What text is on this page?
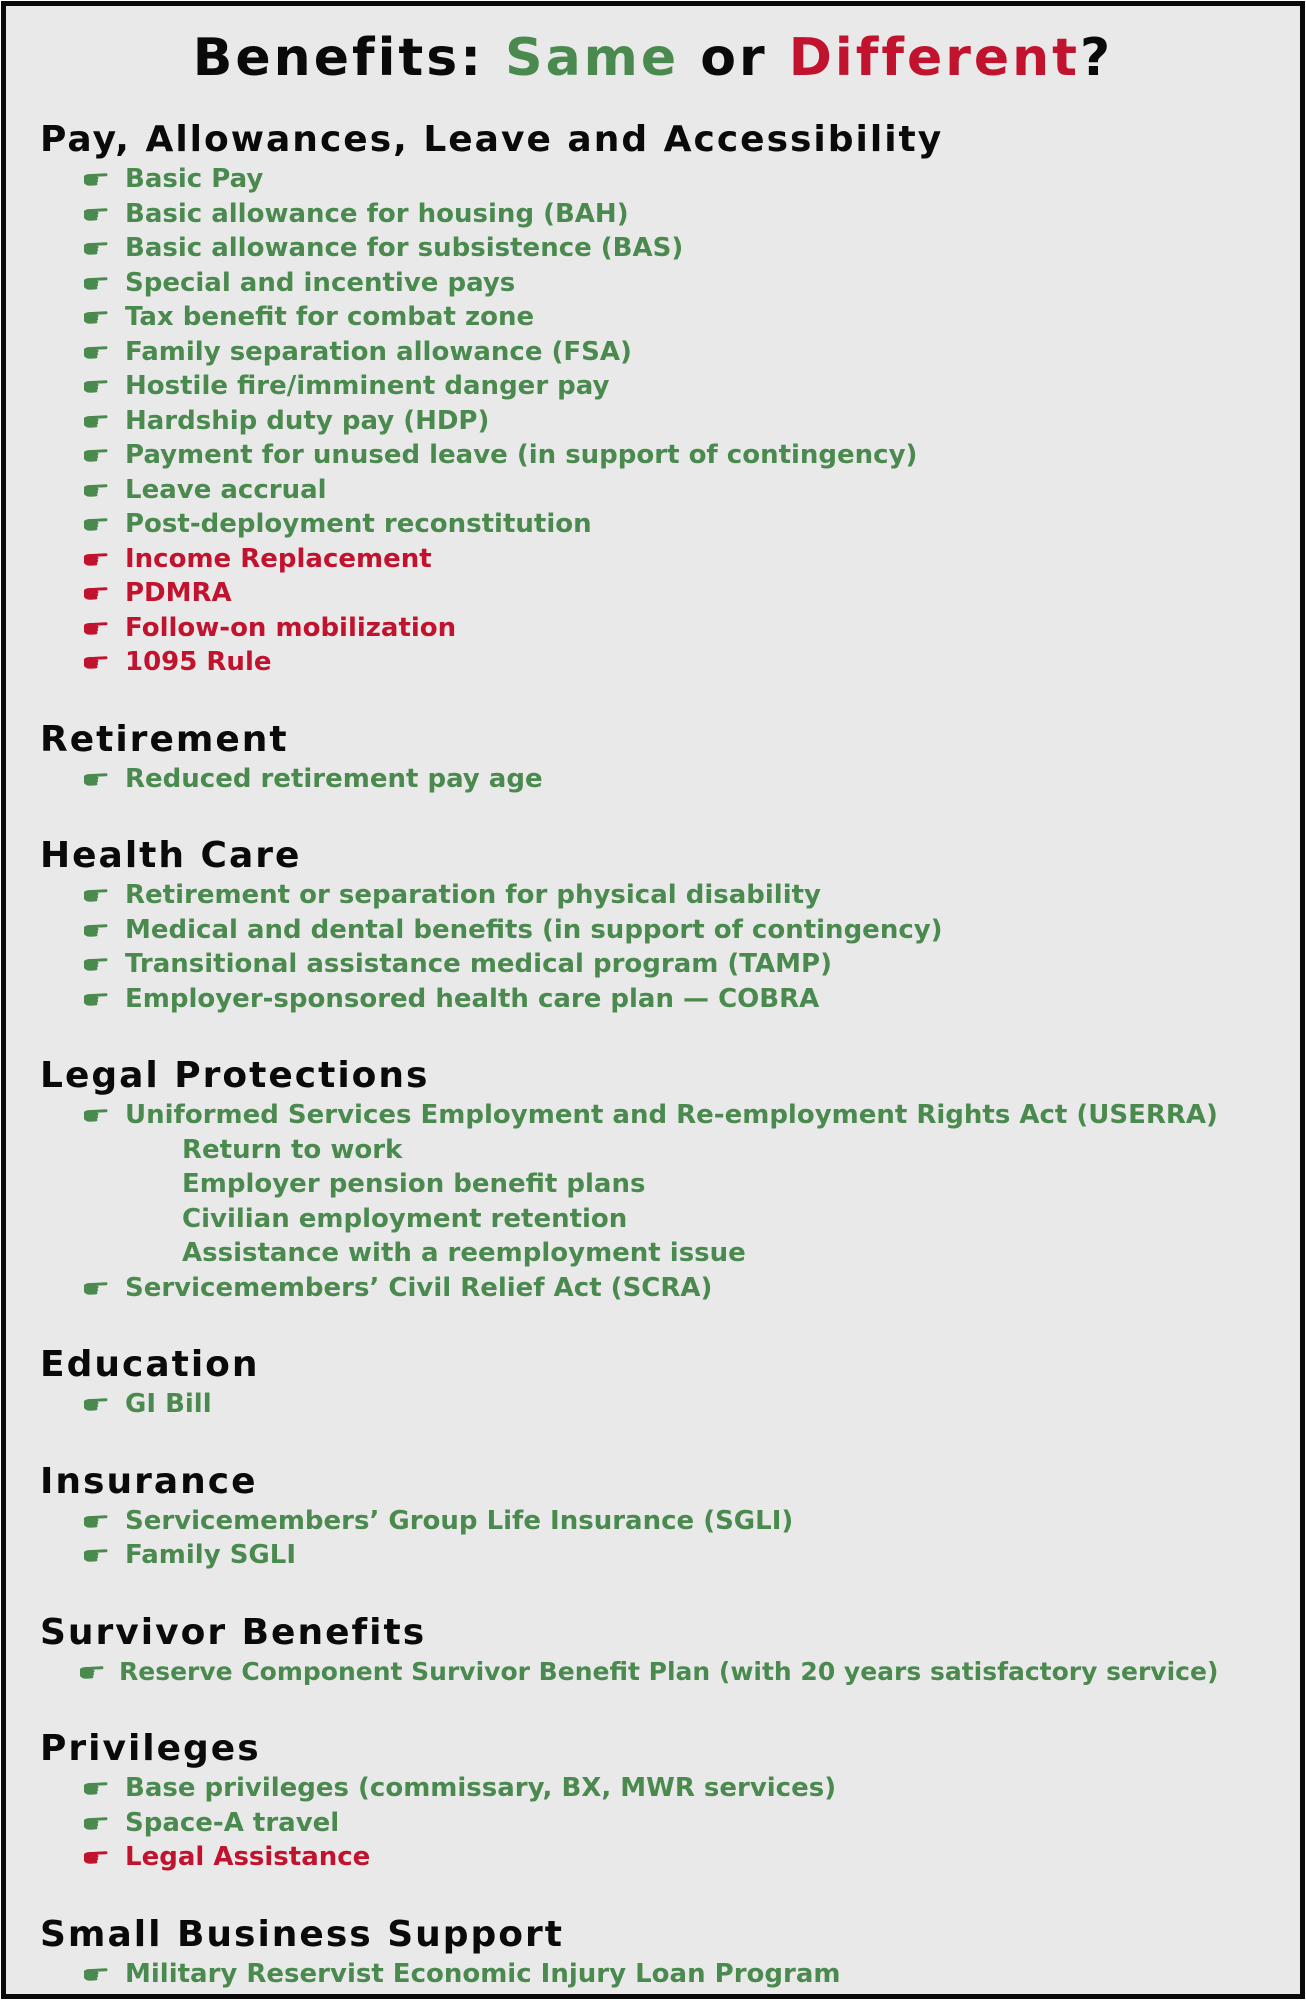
Benefits: Same or Different?
Pay, Allowances, Leave and Accessibility
Basic Pay
Basic allowance for housing (BAH)
Basic allowance for subsistence (BAS)
Special and incentive pays
Tax benefit for combat zone
Family separation allowance (FSA)
Hostile fire/imminent danger pay
Hardship duty pay (HDP)
Payment for unused leave (in support of contingency)
Leave accrual
Post-deployment reconstitution
Income Replacement
PDMRA
Follow-on mobilization
1095 Rule
Retirement
Reduced retirement pay age
Health Care
Retirement or separation for physical disability
Medical and dental benefits (in support of contingency)
Transitional assistance medical program (TAMP)
Employer-sponsored health care plan — COBRA
Legal Protections
Uniformed Services Employment and Re-employment Rights Act (USERRA)
Return to work
Employer pension benefit plans
Civilian employment retention
Assistance with a reemployment issue
Servicemembers’ Civil Relief Act (SCRA)
Education
GI Bill
Insurance
Servicemembers’ Group Life Insurance (SGLI)
Family SGLI
Survivor Benefits
Reserve Component Survivor Benefit Plan (with 20 years satisfactory service)
Privileges
Base privileges (commissary, BX, MWR services)
Space-A travel
Legal Assistance
Small Business Support
Military Reservist Economic Injury Loan Program
